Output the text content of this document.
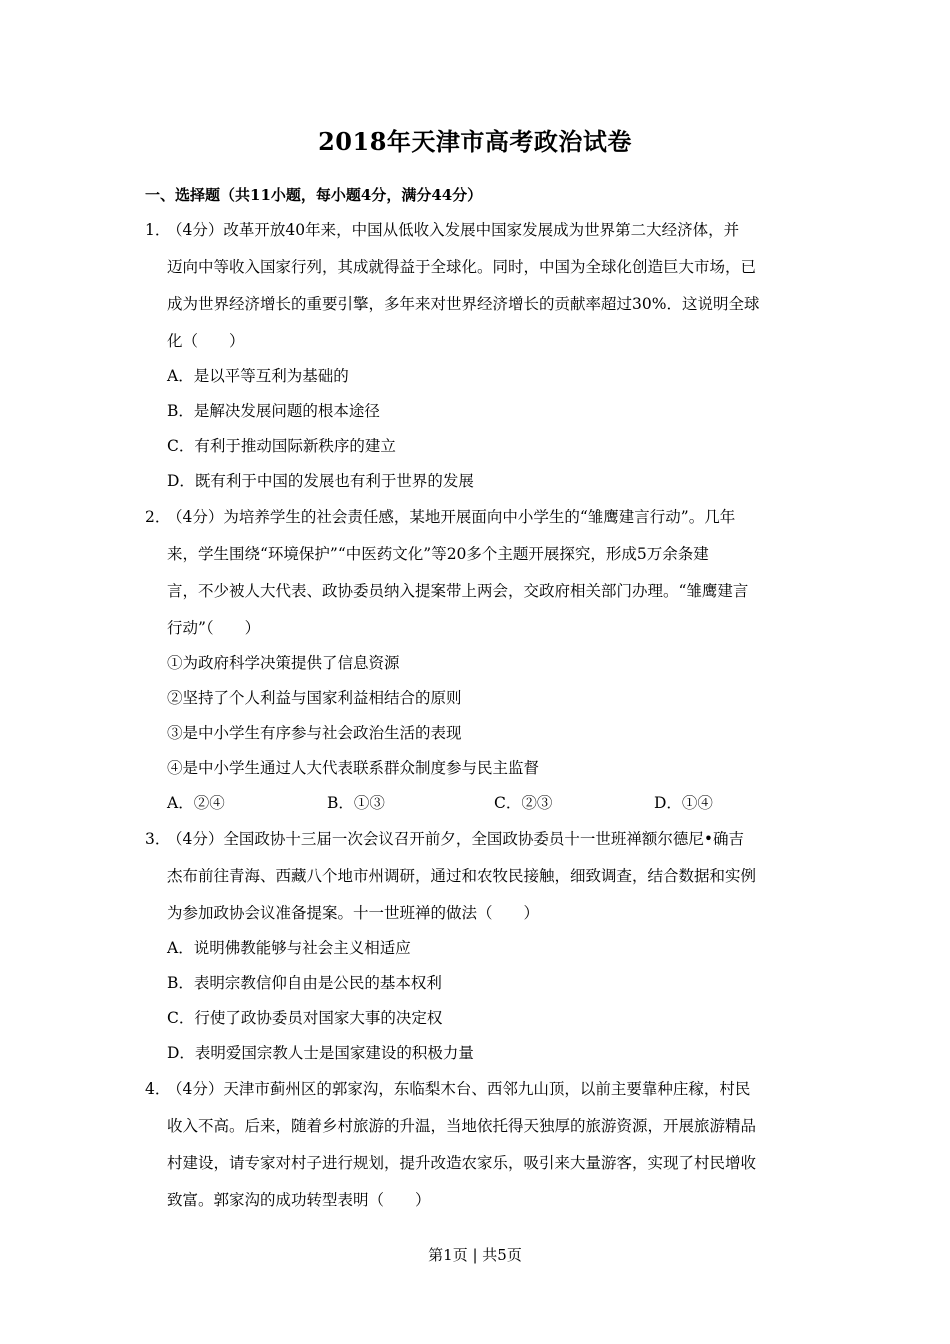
2018年天津市高考政治试卷
一、选择题（共11小题，每小题4分，满分44分）
1．
（4分）改革开放40年来，中国从低收入发展中国家发展成为世界第二大经济体，并
迈向中等收入国家行列，其成就得益于全球化。同时，中国为全球化创造巨大市场，已
成为世界经济增长的重要引擎，多年来对世界经济增长的贡献率超过30%．这说明全球
化（　　）
A．是以平等互利为基础的
B．是解决发展问题的根本途径
C．有利于推动国际新秩序的建立
D．既有利于中国的发展也有利于世界的发展
2．
（4分）为培养学生的社会责任感，某地开展面向中小学生的“雏鹰建言行动”。几年
来，学生围绕“环境保护”“中医药文化”等20多个主题开展探究，形成5万余条建
言，不少被人大代表、政协委员纳入提案带上两会，交政府相关部门办理。“雏鹰建言
行动”（　　）
①为政府科学决策提供了信息资源
②坚持了个人利益与国家利益相结合的原则
③是中小学生有序参与社会政治生活的表现
④是中小学生通过人大代表联系群众制度参与民主监督
A．②④	B．①③	C．②③	D．①④
3．
（4分）全国政协十三届一次会议召开前夕，全国政协委员十一世班禅额尔德尼•确吉
杰布前往青海、西藏八个地市州调研，通过和农牧民接触，细致调查，结合数据和实例
为参加政协会议准备提案。十一世班禅的做法（　　）
A．说明佛教能够与社会主义相适应
B．表明宗教信仰自由是公民的基本权利
C．行使了政协委员对国家大事的决定权
D．表明爱国宗教人士是国家建设的积极力量
4．
（4分）天津市蓟州区的郭家沟，东临梨木台、西邻九山顶，以前主要靠种庄稼，村民
收入不高。后来，随着乡村旅游的升温，当地依托得天独厚的旅游资源，开展旅游精品
村建设，请专家对村子进行规划，提升改造农家乐，吸引来大量游客，实现了村民增收
致富。郭家沟的成功转型表明（　　）
第1页 | 共5页
